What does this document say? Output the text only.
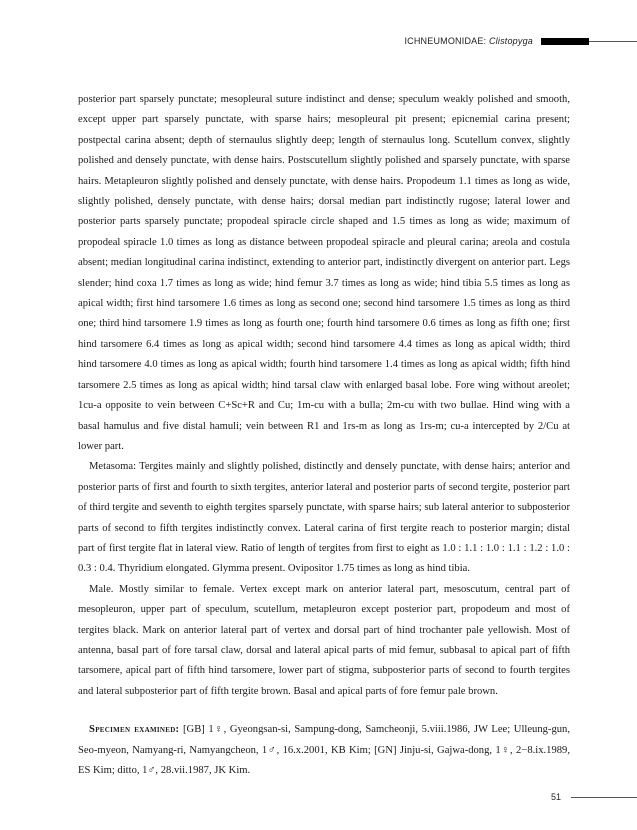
ICHNEUMONIDAE: Clistopyga

posterior part sparsely punctate; mesopleural suture indistinct and dense; speculum weakly polished and smooth, except upper part sparsely punctate, with sparse hairs; mesopleural pit present; epicnemial carina present; postpectal carina absent; depth of sternaulus slightly deep; length of sternaulus long. Scutellum convex, slightly polished and densely punctate, with dense hairs. Postscutellum slightly polished and sparsely punctate, with sparse hairs. Metapleuron slightly polished and densely punctate, with dense hairs. Propodeum 1.1 times as long as wide, slightly polished, densely punctate, with dense hairs; dorsal median part indistinctly rugose; lateral lower and posterior parts sparsely punctate; propodeal spiracle circle shaped and 1.5 times as long as wide; maximum of propodeal spiracle 1.0 times as long as distance between propodeal spiracle and pleural carina; areola and costula absent; median longitudinal carina indistinct, extending to anterior part, indistinctly divergent on anterior part. Legs slender; hind coxa 1.7 times as long as wide; hind femur 3.7 times as long as wide; hind tibia 5.5 times as long as apical width; first hind tarsomere 1.6 times as long as second one; second hind tarsomere 1.5 times as long as third one; third hind tarsomere 1.9 times as long as fourth one; fourth hind tarsomere 0.6 times as long as fifth one; first hind tarsomere 6.4 times as long as apical width; second hind tarsomere 4.4 times as long as apical width; third hind tarsomere 4.0 times as long as apical width; fourth hind tarsomere 1.4 times as long as apical width; fifth hind tarsomere 2.5 times as long as apical width; hind tarsal claw with enlarged basal lobe. Fore wing without areolet; 1cu-a opposite to vein between C+Sc+R and Cu; 1m-cu with a bulla; 2m-cu with two bullae. Hind wing with a basal hamulus and five distal hamuli; vein between R1 and 1rs-m as long as 1rs-m; cu-a intercepted by 2/Cu at lower part.

Metasoma: Tergites mainly and slightly polished, distinctly and densely punctate, with dense hairs; anterior and posterior parts of first and fourth to sixth tergites, anterior lateral and posterior parts of second tergite, posterior part of third tergite and seventh to eighth tergites sparsely punctate, with sparse hairs; sub lateral anterior to subposterior parts of second to fifth tergites indistinctly convex. Lateral carina of first tergite reach to posterior margin; distal part of first tergite flat in lateral view. Ratio of length of tergites from first to eight as 1.0 : 1.1 : 1.0 : 1.1 : 1.2 : 1.0 : 0.3 : 0.4. Thyridium elongated. Glymma present. Ovipositor 1.75 times as long as hind tibia.

Male. Mostly similar to female. Vertex except mark on anterior lateral part, mesoscutum, central part of mesopleuron, upper part of speculum, scutellum, metapleuron except posterior part, propodeum and most of tergites black. Mark on anterior lateral part of vertex and dorsal part of hind trochanter pale yellowish. Most of antenna, basal part of fore tarsal claw, dorsal and lateral apical parts of mid femur, subbasal to apical part of fifth tarsomere, apical part of fifth hind tarsomere, lower part of stigma, subposterior parts of second to fourth tergites and lateral subposterior part of fifth tergite brown. Basal and apical parts of fore femur pale brown.

Specimen examined: [GB] 1♀, Gyeongsan-si, Sampung-dong, Samcheonji, 5.viii.1986, JW Lee; Ulleung-gun, Seo-myeon, Namyang-ri, Namyangcheon, 1♂, 16.x.2001, KB Kim; [GN] Jinju-si, Gajwa-dong, 1♀, 2−8.ix.1989, ES Kim; ditto, 1♂, 28.vii.1987, JK Kim.

51
